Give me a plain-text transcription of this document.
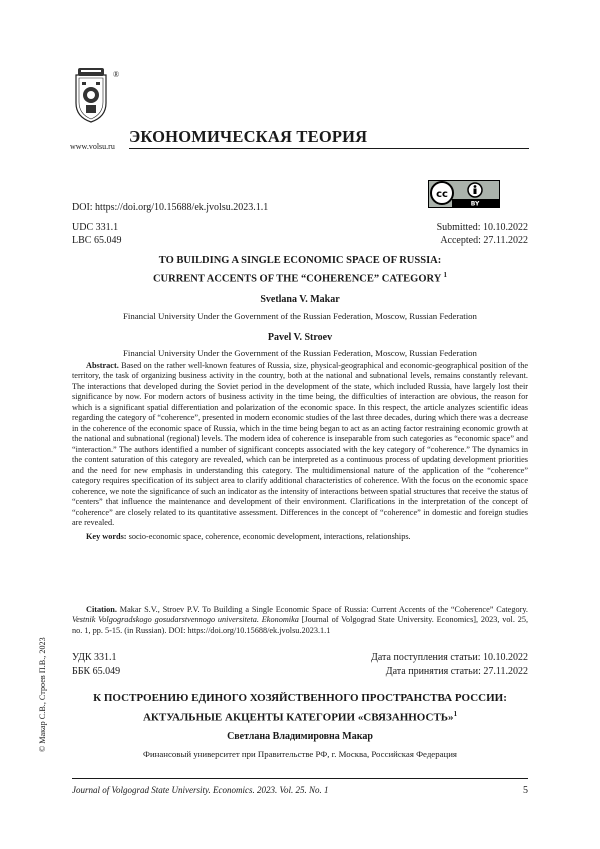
®
www.volsu.ru
ЭКОНОМИЧЕСКАЯ ТЕОРИЯ
DOI: https://doi.org/10.15688/ek.jvolsu.2023.1.1
cc
BY
UDC 331.1
LBC 65.049
Submitted: 10.10.2022
Accepted: 27.11.2022
TO BUILDING A SINGLE ECONOMIC SPACE OF RUSSIA:
CURRENT ACCENTS OF THE “COHERENCE” CATEGORY $^1$
Svetlana V. Makar
Financial University Under the Government of the Russian Federation, Moscow, Russian Federation
Pavel V. Stroev
Financial University Under the Government of the Russian Federation, Moscow, Russian Federation

Abstract. Based on the rather well-known features of Russia, size, physical-geographical and economic-geographical position of the territory, the task of organizing business activity in the country, both at the national and subnational levels, remains constantly relevant. The interactions that developed during the Soviet period in the development of the state, which included Russia, have largely lost their significance by now. For modern actors of business activity in the time being, the difficulties of interaction are obvious, the reason for which is a significant spatial differentiation and polarization of the economic space. In this respect, the article analyzes scientific ideas regarding the category of “coherence”, presented in modern economic studies of the last three decades, during which there was a decrease in the coherence of the economic space of Russia, which in the time being began to act as an acting factor restraining economic growth at the national and subnational (regional) levels. The modern idea of coherence is inseparable from such categories as “economic space” and “interaction.” The authors identified a number of significant concepts associated with the key category of “coherence.” The dynamics in the content saturation of this category are revealed, which can be interpreted as a continuous process of updating development priorities and the need for new emphasis in understanding this category. The multidimensional nature of the application of the “coherence” category requires specification of its subject area to clarify additional characteristics of coherence. With the focus on the economic space coherence, we note the significance of such an indicator as the intensity of interactions between spatial structures that receive the status of “centers” that influence the maintenance and development of their environment. Clarifications in the interpretation of the concept of “coherence” are closely related to its quantitative assessment. Differences in the concept of “coherence” in domestic and foreign studies are revealed.

Key words: socio-economic space, coherence, economic development, interactions, relationships.

Citation. Makar S.V., Stroev P.V. To Building a Single Economic Space of Russia: Current Accents of the “Coherence” Category. Vestnik Volgogradskogo gosudarstvennogo universiteta. Ekonomika [Journal of Volgograd State University. Economics], 2023, vol. 25, no. 1, pp. 5-15. (in Russian). DOI: https://doi.org/10.15688/ek.jvolsu.2023.1.1
© Макар С.В., Строев П.В., 2023	УДК 331.1
ББК 65.049
Дата поступления статьи: 10.10.2022
Дата принятия статьи: 27.11.2022
К ПОСТРОЕНИЮ ЕДИНОГО ХОЗЯЙСТВЕННОГО ПРОСТРАНСТВА РОССИИ:
АКТУАЛЬНЫЕ АКЦЕНТЫ КАТЕГОРИИ «СВЯЗАННОСТЬ»$^1$
Светлана Владимировна Макар
Финансовый университет при Правительстве РФ, г. Москва, Российская Федерация
Journal of Volgograd State University. Economics. 2023. Vol. 25. No. 1	5
